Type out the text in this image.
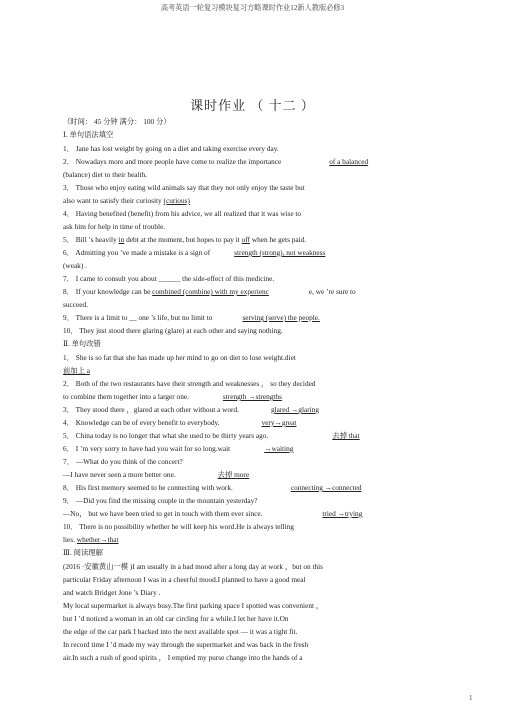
高考英语一轮复习模块复习方略课时作业12新人教版必修3
课时作业 （ 十二 ）
（时间： 45 分钟 满分： 100 分）
Ⅰ. 单句语法填空
1． Jane has lost weight by going on a diet and taking exercise every day.
2． Nowadays more and more people have come to realize the importance	of a balanced
(balance) diet to their health.
3． Those who enjoy eating wild animals say that they not only enjoy the taste but
also want to satisfy their curiosity (curious)
4． Having benefited (benefit) from his advice, we all realized that it was wise to
ask him for help in time of trouble.
5． Bill ’s heavily in debt at the moment, but hopes to pay it off when he gets paid.
6． Admitting you ’ve made a mistake is a sign of	strength (strong), not weakness
(weak) .
7． I came to consult you about ______ the side-effect of this medicine.
8． If your knowledge can be combined (combine) with my experienc	e, we ’re sure to
succeed.
9． There is a limit to __ one ’s life, but no limit to	serving (serve) the people.
10． They just stood there glaring (glare) at each other and saying nothing.
Ⅱ. 单句改错
1． She is so fat that she has made up her mind to go on diet to lose weight.diet
前加上 a
2． Both of the two restaurants have their strength and weaknesses ， so they decided
to combine them together into a larger one.	strength →strengths
3． They stood there ，glared at each other without a word.	glared →glaring
4． Knowledge can be of every benefit to everybody.	very→great
5． China today is no longer that what she used to be thirty years ago.	去掉 that
6． I ’m very sorry to have had you wait for so long.wait	→waiting
7． —What do you think of the concert?
—I have never seen a more better one.	去掉 more
8． His first memory seemed to be connecting with work.	connecting →connected
9． —Did you find the missing couple in the mountain yesterday?
—No， but we have been tried to get in touch with them ever since.	tried →trying
10． There is no possibility whether he will keep his word.He is always telling
lies. whether→that
Ⅲ. 阅读理解
(2016 ·安徽黄山一模 )I am usually in a bad mood after a long day at work ，but on this
particular Friday afternoon I was in a cheerful mood.I planned to have a good meal
and watch Bridget Jone ’s Diary .
My local supermarket is always busy.The first parking space I spotted was convenient ，
but I ’d noticed a woman in an old car circling for a while.I let her have it.On
the edge of the car park I backed into the next available spot — it was a tight fit.
In record time I ’d made my way through the supermarket and was back in the fresh
air.In such a rush of good spirits ， I emptied my purse change into the hands of a
1
